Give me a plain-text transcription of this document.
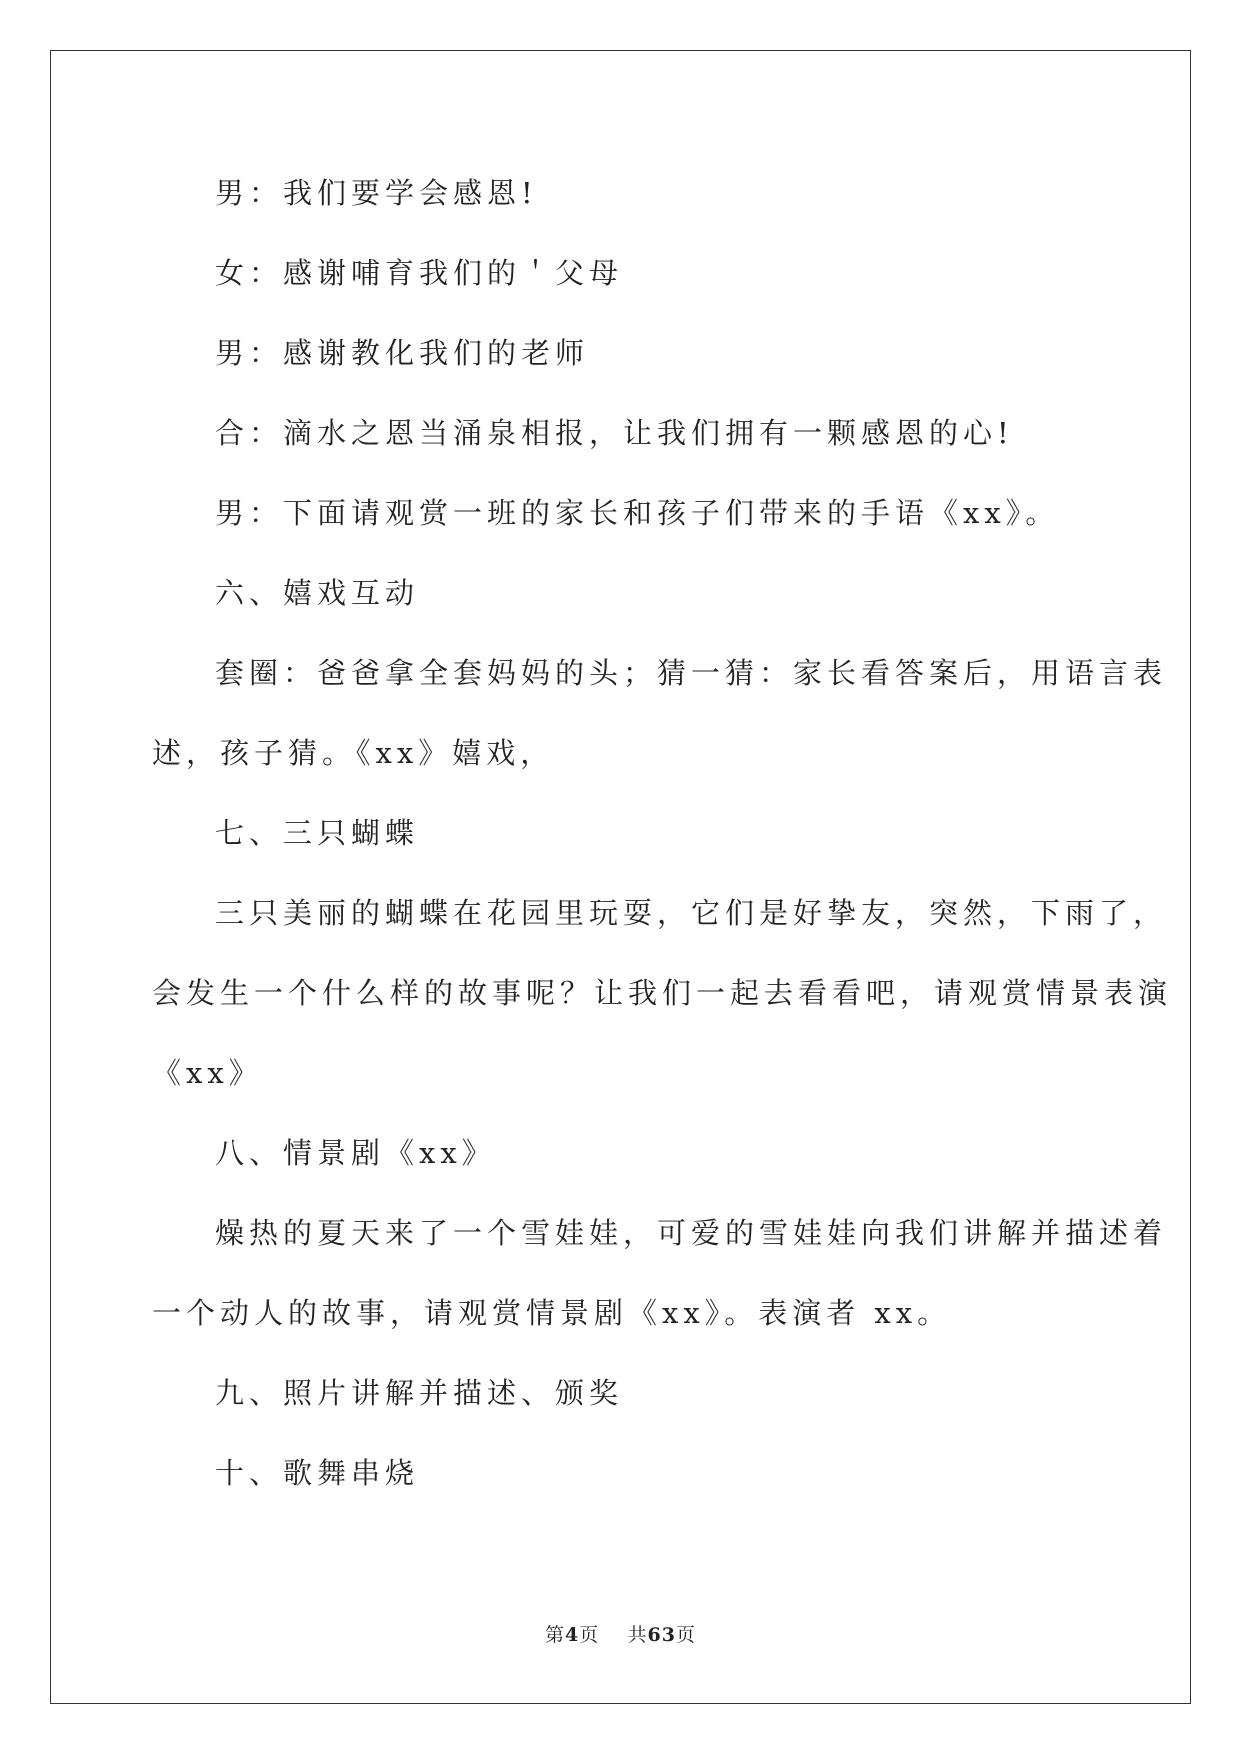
男：我们要学会感恩!
女：感谢哺育我们的＇父母
男：感谢教化我们的老师
合：滴水之恩当涌泉相报，让我们拥有一颗感恩的心!
男：下面请观赏一班的家长和孩子们带来的手语《xx》。
六、嬉戏互动
套圈：爸爸拿全套妈妈的头；猜一猜：家长看答案后，用语言表
述，孩子猜。《xx》嬉戏，
七、三只蝴蝶
三只美丽的蝴蝶在花园里玩耍，它们是好挚友，突然，下雨了，
会发生一个什么样的故事呢？让我们一起去看看吧，请观赏情景表演
《xx》
八、情景剧《xx》
燥热的夏天来了一个雪娃娃，可爱的雪娃娃向我们讲解并描述着
一个动人的故事，请观赏情景剧《xx》。表演者 xx。
九、照片讲解并描述、颁奖
十、歌舞串烧
第4页 共63页
